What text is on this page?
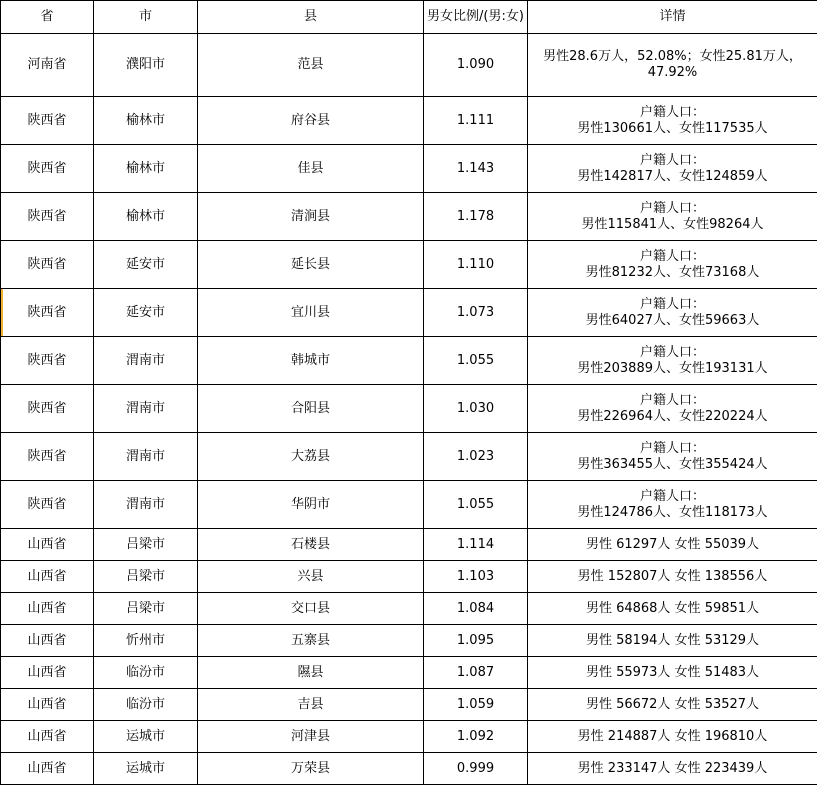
省	市	县	男女比例/(男:女)	详情
河南省	濮阳市	范县	1.090	男性28.6万人，52.08%；女性25.81万人，
47.92%

陕西省	榆林市	府谷县	1.111	户籍人口：
男性130661人、女性117535人

陕西省	榆林市	佳县	1.143	户籍人口：
男性142817人、女性124859人

陕西省	榆林市	清涧县	1.178	户籍人口：
男性115841人、女性98264人

陕西省	延安市	延长县	1.110	户籍人口：
男性81232人、女性73168人

陕西省	延安市	宜川县	1.073	户籍人口：
男性64027人、女性59663人

陕西省	渭南市	韩城市	1.055	户籍人口：
男性203889人、女性193131人

陕西省	渭南市	合阳县	1.030	户籍人口：
男性226964人、女性220224人

陕西省	渭南市	大荔县	1.023	户籍人口：
男性363455人、女性355424人

陕西省	渭南市	华阴市	1.055	户籍人口：
男性124786人、女性118173人

山西省	吕梁市	石楼县	1.114	男性 61297人 女性 55039人

山西省	吕梁市	兴县	1.103	男性 152807人 女性 138556人

山西省	吕梁市	交口县	1.084	男性 64868人 女性 59851人

山西省	忻州市	五寨县	1.095	男性 58194人 女性 53129人

山西省	临汾市	隰县	1.087	男性 55973人 女性 51483人

山西省	临汾市	吉县	1.059	男性 56672人 女性 53527人

山西省	运城市	河津县	1.092	男性 214887人 女性 196810人

山西省	运城市	万荣县	0.999	男性 233147人 女性 223439人
